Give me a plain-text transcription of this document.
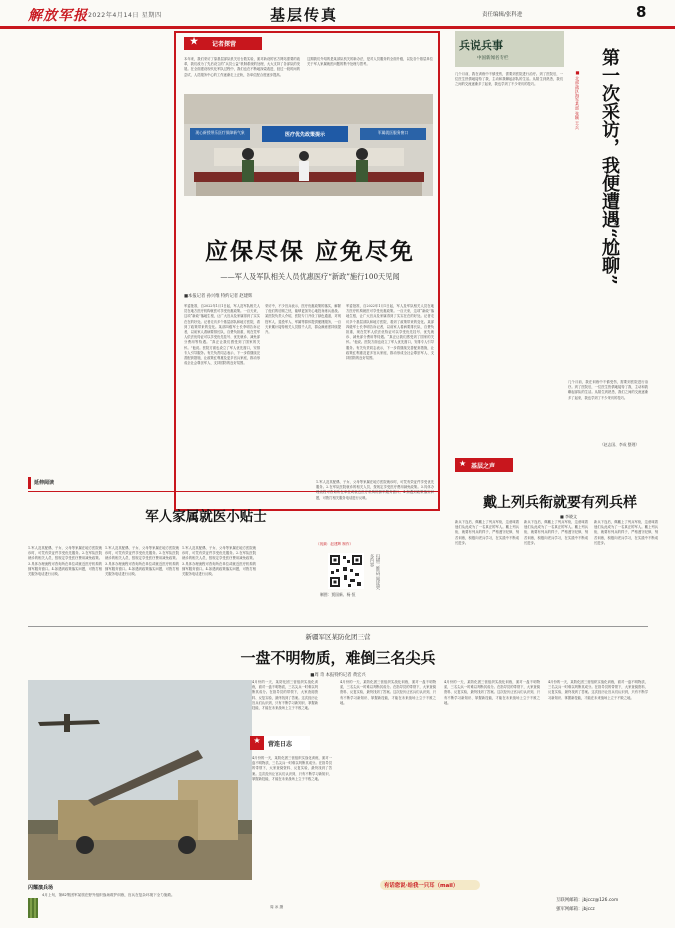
解放军报 2022年4月14日 星期四	基层传真	责任编辑/张科进	8
★ 记者探营
本年来，我们采访了原基层部队机关后台数实验，面对新设的官方网站需要的改革，我们改为了先后设立的“兵员公益”机制系统的处理，大大支持了各部队的发展。在全面建设现代化军队过程中，我们也在不断地探索改进，经过一段时间的尝试，人员服务中心的工作逐渐走上正轨，各单位配合度逐步提高。
这期我们介绍的是某部队机关的新办法，是对人员服务的全面升级，以及各个基层单位关于军人家属就医问题的集中处理与思考。
现心新授带乐医疗保障新气象	医疗优先政策提示	军属就医服务窗口
应保尽保 应免尽免
——军人及军队相关人员优惠医疗“新政”施行100天见闻
■本报记者 孙兴维 特约记者 赵建辉
军委批准，自2022年1月1日起，军人及军队相关人员在地方医疗机构就医可享受优惠政策。一百天来，这项“新政”落地生根，让广大官兵及家属得到了实实在在的好处。记者走访多个基层部队和地方医院，看到了政策带来的变化。某部四级军士长李明告诉记者，以前家人看病要排长队、自费负担重，现在凭军人依法优待证可以享受优先挂号、优先就诊、减免部分费用等待遇。“真正让我们感受到了国家的关怀。”他说。医院方面也设立了军人优先窗口，安排专人引导服务。有关负责同志表示，下一步将继续完善配套措施，让政策红利惠及更多官兵家庭，推动形成全社会尊崇军人、支持国防的良好氛围。
采访中，不少官兵表示，医疗优惠政策的落实，解除了他们的后顾之忧，能够更加安心地投身练兵备战。某医院负责人介绍，医院专门开设了绿色通道，对现役军人、退役军人、军属等群体提供便捷服务，一百天来累计接待相关人员数千人次，群众满意度持续提升。
军委批准，自2022年1月1日起，军人及军队相关人员在地方医疗机构就医可享受优惠政策。一百天来，这项“新政”落地生根，让广大官兵及家属得到了实实在在的好处。记者走访多个基层部队和地方医院，看到了政策带来的变化。某部四级军士长李明告诉记者，以前家人看病要排长队、自费负担重，现在凭军人依法优待证可以享受优先挂号、优先就诊、减免部分费用等待遇。“真正让我们感受到了国家的关怀。”他说。医院方面也设立了军人优先窗口，安排专人引导服务。有关负责同志表示，下一步将继续完善配套措施，让政策红利惠及更多官兵家庭，推动形成全社会尊崇军人、支持国防的良好氛围。
延伸阅读
军人家属就医小贴士
1.军人及其配偶、子女、父母等家属在地方医院就诊时，可凭有效证件享受优先服务。2.在军队医院就诊的相关人员，按规定享受医疗费用减免政策。3.具体办理流程可咨询所在单位或就近医疗机构的拥军服务窗口。4.如遇到政策落实问题，可拨打相关服务电话进行反映。
1.军人及其配偶、子女、父母等家属在地方医院就诊时，可凭有效证件享受优先服务。2.在军队医院就诊的相关人员，按规定享受医疗费用减免政策。3.具体办理流程可咨询所在单位或就近医疗机构的拥军服务窗口。4.如遇到政策落实问题，可拨打相关服务电话进行反映。
1.军人及其配偶、子女、父母等家属在地方医院就诊时，可凭有效证件享受优先服务。2.在军队医院就诊的相关人员，按规定享受医疗费用减免政策。3.具体办理流程可咨询所在单位或就近医疗机构的拥军服务窗口。4.如遇到政策落实问题，可拨打相关服务电话进行反映。
1.军人及其配偶、子女、父母等家属在地方医院就诊时，可凭有效证件享受优先服务。2.在军队医院就诊的相关人员，按规定享受医疗费用减免政策。3.具体办理流程可咨询所在单位或就近医疗机构的拥军服务窗口。4.如遇到政策落实问题，可拨打相关服务电话进行反映。
（视频：赵建辉 制作）
扫描二维码 阅读更多内容
制图：贾国新、杨 恒
兵说兵事
中国新闻名专栏	第一次采访，我便遭遇“尬聊”
■ 北部战区海军某部 张颖 王兵
几个月前，我在训练中不慎受伤，需要到医院进行治疗。到了医院后，一位医生热情地接待了我，主动和我聊起部队的生活。从陌生到熟悉，我们之间的交流逐渐多了起来，我也学到了不少采访的技巧。
几个月前，我在训练中不慎受伤，需要到医院进行治疗。到了医院后，一位医生热情地接待了我，主动和我聊起部队的生活。从陌生到熟悉，我们之间的交流逐渐多了起来，我也学到了不少采访的技巧。
（赵志国、李成 整理）
★ 基层之声
戴上列兵衔就要有列兵样
■ 李晓文
新兵下连后，佩戴上了列兵军衔，这意味着他们从此成为了一名真正的军人。戴上列兵衔，就要有列兵的样子，严格遵守纪律，刻苦训练，积极向老兵学习，在实践中不断成长进步。
新兵下连后，佩戴上了列兵军衔，这意味着他们从此成为了一名真正的军人。戴上列兵衔，就要有列兵的样子，严格遵守纪律，刻苦训练，积极向老兵学习，在实践中不断成长进步。
新兵下连后，佩戴上了列兵军衔，这意味着他们从此成为了一名真正的军人。戴上列兵衔，就要有列兵的样子，严格遵守纪律，刻苦训练，积极向老兵学习，在实践中不断成长进步。
新疆军区某防化团三营
一盘不明物质，难倒三名尖兵
■周 奇 本报特约记者 黄宏兴
★	营连日志
4月份的一天，某防化团三营组织实战化训练，面对一盘不明物质，三名尖兵一时难以判断其成分。在指导员的带领下，大家查阅资料、反复实验，最终找到了答案。这次经历让官兵们认识到，只有不断学习新知识、掌握新技能，才能在未来战场上立于不败之地。
4月份的一天，某防化团三营组织实战化训练，面对一盘不明物质，三名尖兵一时难以判断其成分。在指导员的带领下，大家查阅资料、反复实验，最终找到了答案。这次经历让官兵们认识到，只有不断学习新知识、掌握新技能，才能在未来战场上立于不败之地。
4月份的一天，某防化团三营组织实战化训练，面对一盘不明物质，三名尖兵一时难以判断其成分。在指导员的带领下，大家查阅资料、反复实验，最终找到了答案。这次经历让官兵们认识到，只有不断学习新知识、掌握新技能，才能在未来战场上立于不败之地。
4月份的一天，某防化团三营组织实战化训练，面对一盘不明物质，三名尖兵一时难以判断其成分。在指导员的带领下，大家查阅资料、反复实验，最终找到了答案。这次经历让官兵们认识到，只有不断学习新知识、掌握新技能，才能在未来战场上立于不败之地。
4月份的一天，某防化团三营组织实战化训练，面对一盘不明物质，三名尖兵一时难以判断其成分。在指导员的带领下，大家查阅资料、反复实验，最终找到了答案。这次经历让官兵们认识到，只有不断学习新知识、掌握新技能，才能在未来战场上立于不败之地。
闪耀演兵场
4月上旬，第82集团军某旅在野外组织战场救护训练，官兵在复杂环境下全力施救。
周 冰 摄
有话您说·给我一只耳（mail）
互联网邮箱：jbjccz@126.com
强军网邮箱：jbjccz
